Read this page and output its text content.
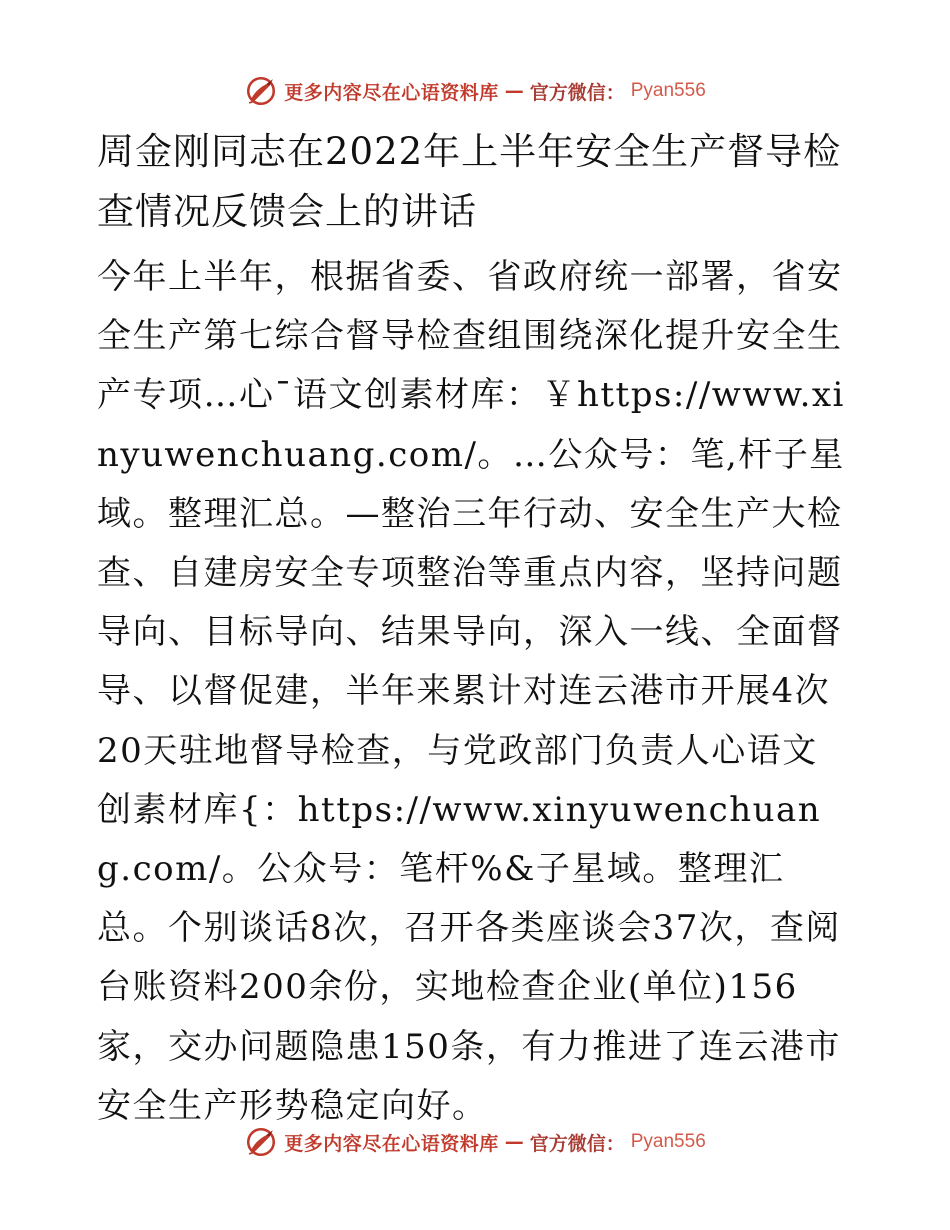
更多内容尽在心语资料库 — 官方微信： Pyan556
周金刚同志在2022年上半年安全生产督导检查情况反馈会上的讲话

今年上半年，根据省委、省政府统一部署，省安全生产第七综合督导检查组围绕深化提升安全生产专项…心¯语文创素材库：￥https://www.xinyuwenchuang.com/。…公众号：笔,杆子星域。整理汇总。—整治三年行动、安全生产大检查、自建房安全专项整治等重点内容，坚持问题导向、目标导向、结果导向，深入一线、全面督导、以督促建，半年来累计对连云港市开展4次20天驻地督导检查，与党政部门负责人心语文创素材库{：https://www.xinyuwenchuang.com/。公众号：笔杆%&子星域。整理汇总。个别谈话8次，召开各类座谈会37次，查阅台账资料200余份，实地检查企业(单位)156家，交办问题隐患150条，有力推进了连云港市安全生产形势稳定向好。

更多内容尽在心语资料库 — 官方微信： Pyan556
